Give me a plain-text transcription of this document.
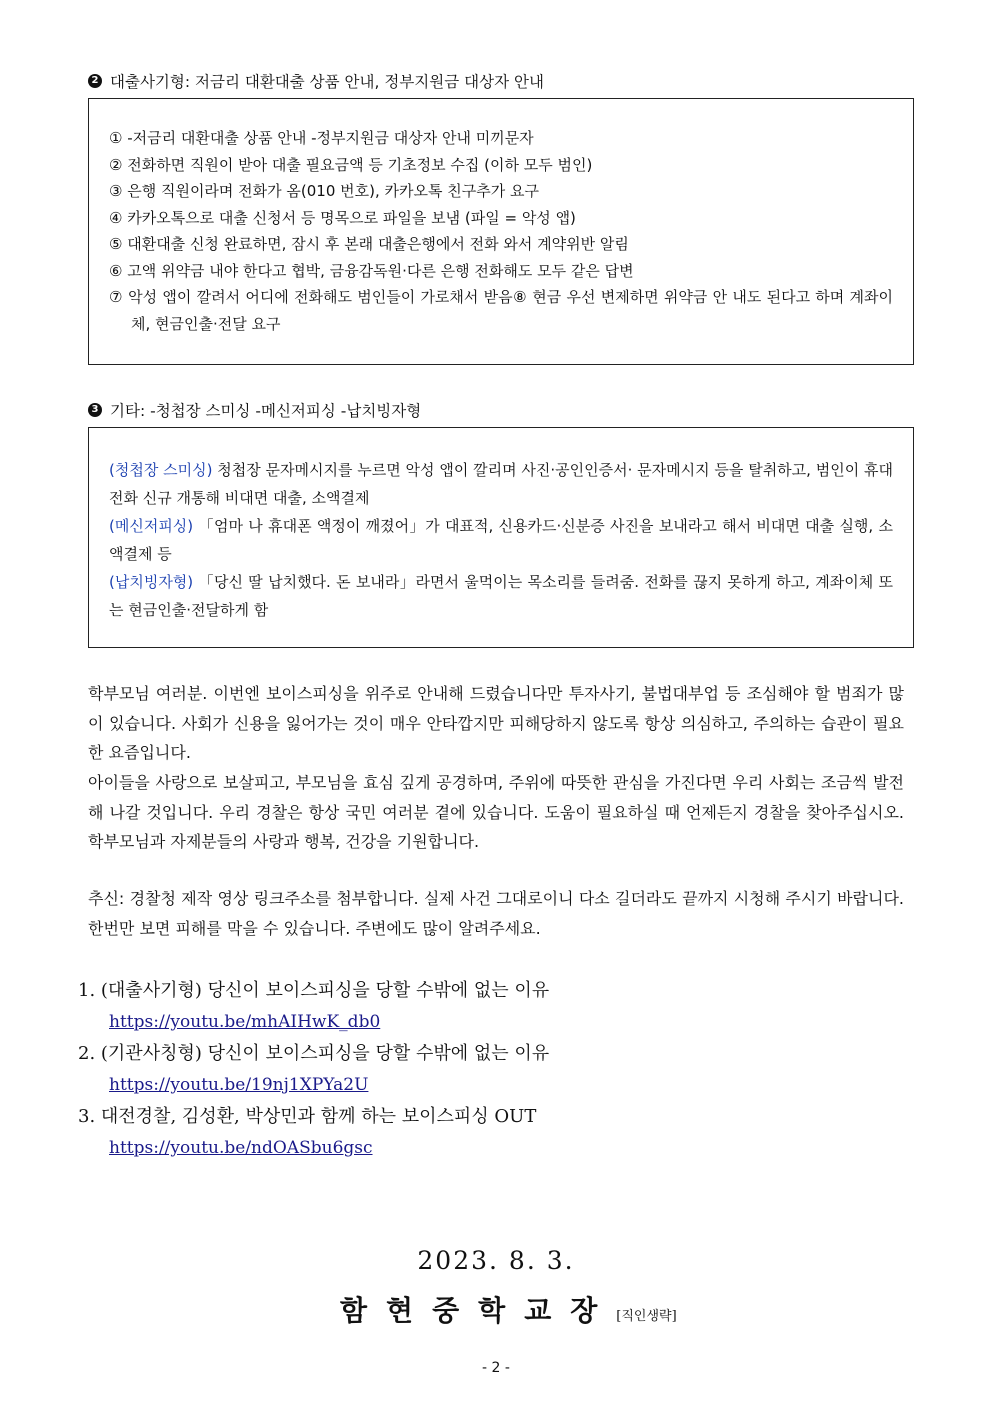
2 대출사기형: 저금리 대환대출 상품 안내, 정부지원금 대상자 안내
① ‐저금리 대환대출 상품 안내 ‐정부지원금 대상자 안내 미끼문자
② 전화하면 직원이 받아 대출 필요금액 등 기초정보 수집 (이하 모두 범인)
③ 은행 직원이라며 전화가 옴(010 번호), 카카오톡 친구추가 요구
④ 카카오톡으로 대출 신청서 등 명목으로 파일을 보냄 (파일 = 악성 앱)
⑤ 대환대출 신청 완료하면, 잠시 후 본래 대출은행에서 전화 와서 계약위반 알림
⑥ 고액 위약금 내야 한다고 협박, 금융감독원·다른 은행 전화해도 모두 같은 답변
⑦ 악성 앱이 깔려서 어디에 전화해도 범인들이 가로채서 받음⑧ 현금 우선 변제하면 위약금 안 내도 된다고 하며 계좌이체, 현금인출·전달 요구
3 기타: ‐청첩장 스미싱 ‐메신저피싱 ‐납치빙자형
(청첩장 스미싱) 청첩장 문자메시지를 누르면 악성 앱이 깔리며 사진·공인인증서· 문자메시지 등을 탈취하고, 범인이 휴대전화 신규 개통해 비대면 대출, 소액결제
(메신저피싱) 「엄마 나 휴대폰 액정이 깨졌어」가 대표적, 신용카드·신분증 사진을 보내라고 해서 비대면 대출 실행, 소액결제 등
(납치빙자형) 「당신 딸 납치했다. 돈 보내라」라면서 울먹이는 목소리를 들려줌. 전화를 끊지 못하게 하고, 계좌이체 또는 현금인출·전달하게 함
학부모님 여러분. 이번엔 보이스피싱을 위주로 안내해 드렸습니다만 투자사기, 불법대부업 등 조심해야 할 범죄가 많이 있습니다. 사회가 신용을 잃어가는 것이 매우 안타깝지만 피해당하지 않도록 항상 의심하고, 주의하는 습관이 필요한 요즘입니다.
아이들을 사랑으로 보살피고, 부모님을 효심 깊게 공경하며, 주위에 따뜻한 관심을 가진다면 우리 사회는 조금씩 발전해 나갈 것입니다. 우리 경찰은 항상 국민 여러분 곁에 있습니다. 도움이 필요하실 때 언제든지 경찰을 찾아주십시오. 학부모님과 자제분들의 사랑과 행복, 건강을 기원합니다.
추신: 경찰청 제작 영상 링크주소를 첨부합니다. 실제 사건 그대로이니 다소 길더라도 끝까지 시청해 주시기 바랍니다. 한번만 보면 피해를 막을 수 있습니다. 주변에도 많이 알려주세요.
1. (대출사기형) 당신이 보이스피싱을 당할 수밖에 없는 이유
https://youtu.be/mhAIHwK_db0
2. (기관사칭형) 당신이 보이스피싱을 당할 수밖에 없는 이유
https://youtu.be/19nj1XPYa2U
3. 대전경찰, 김성환, 박상민과 함께 하는 보이스피싱 OUT
https://youtu.be/ndOASbu6gsc
2023. 8. 3.
함현중학교장[직인생략]
- 2 -
